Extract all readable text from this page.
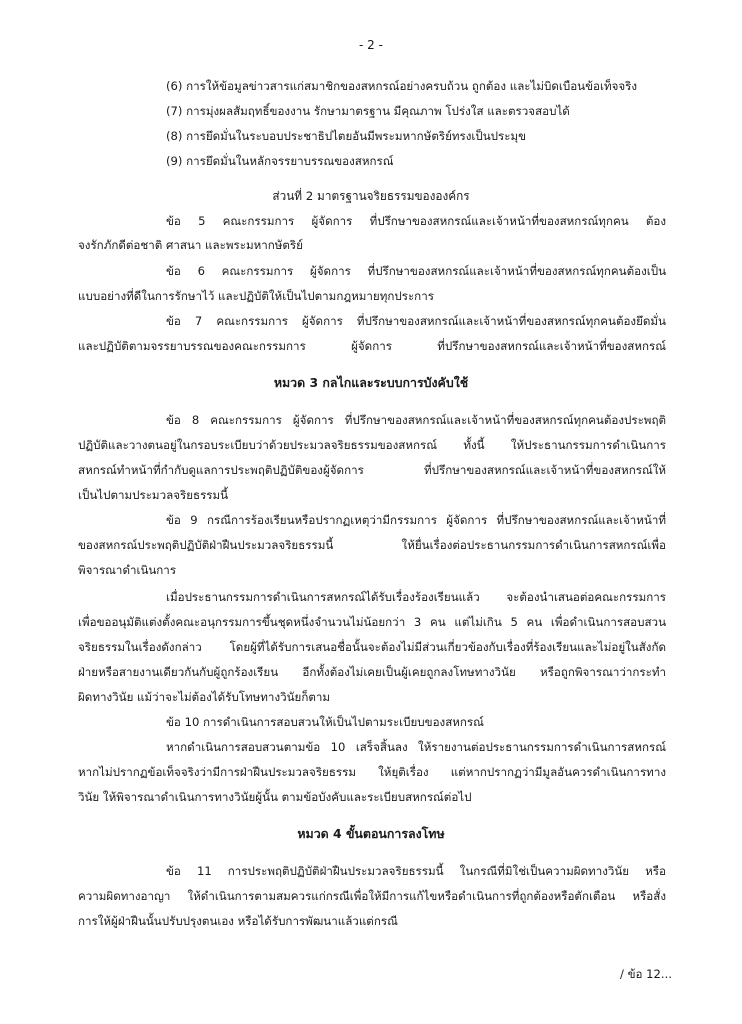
- 2 -
(6) การให้ข้อมูลข่าวสารแก่สมาชิกของสหกรณ์อย่างครบถ้วน ถูกต้อง และไม่บิดเบือนข้อเท็จจริง
(7) การมุ่งผลสัมฤทธิ์ของงาน รักษามาตรฐาน มีคุณภาพ โปร่งใส และตรวจสอบได้
(8) การยึดมั่นในระบอบประชาธิปไตยอันมีพระมหากษัตริย์ทรงเป็นประมุข
(9) การยึดมั่นในหลักจรรยาบรรณของสหกรณ์
ส่วนที่ 2 มาตรฐานจริยธรรมขององค์กร
ข้อ 5 คณะกรรมการ ผู้จัดการ ที่ปรึกษาของสหกรณ์และเจ้าหน้าที่ของสหกรณ์ทุกคน ต้อง
จงรักภักดีต่อชาติ ศาสนา และพระมหากษัตริย์
ข้อ 6 คณะกรรมการ ผู้จัดการ ที่ปรึกษาของสหกรณ์และเจ้าหน้าที่ของสหกรณ์ทุกคนต้องเป็น
แบบอย่างที่ดีในการรักษาไว้ และปฏิบัติให้เป็นไปตามกฎหมายทุกประการ
ข้อ 7 คณะกรรมการ ผู้จัดการ ที่ปรึกษาของสหกรณ์และเจ้าหน้าที่ของสหกรณ์ทุกคนต้องยึดมั่น
และปฏิบัติตามจรรยาบรรณของคณะกรรมการ ผู้จัดการ ที่ปรึกษาของสหกรณ์และเจ้าหน้าที่ของสหกรณ์
หมวด 3 กลไกและระบบการบังคับใช้
ข้อ 8 คณะกรรมการ ผู้จัดการ ที่ปรึกษาของสหกรณ์และเจ้าหน้าที่ของสหกรณ์ทุกคนต้องประพฤติ
ปฏิบัติและวางตนอยู่ในกรอบระเบียบว่าด้วยประมวลจริยธรรมของสหกรณ์ ทั้งนี้ ให้ประธานกรรมการดำเนินการ
สหกรณ์ทำหน้าที่กำกับดูแลการประพฤติปฏิบัติของผู้จัดการ ที่ปรึกษาของสหกรณ์และเจ้าหน้าที่ของสหกรณ์ให้
เป็นไปตามประมวลจริยธรรมนี้
ข้อ 9 กรณีการร้องเรียนหรือปรากฏเหตุว่ามีกรรมการ ผู้จัดการ ที่ปรึกษาของสหกรณ์และเจ้าหน้าที่
ของสหกรณ์ประพฤติปฏิบัติฝ่าฝืนประมวลจริยธรรมนี้ ให้ยื่นเรื่องต่อประธานกรรมการดำเนินการสหกรณ์เพื่อ
พิจารณาดำเนินการ
เมื่อประธานกรรมการดำเนินการสหกรณ์ได้รับเรื่องร้องเรียนแล้ว จะต้องนำเสนอต่อคณะกรรมการ
เพื่อขออนุมัติแต่งตั้งคณะอนุกรรมการขึ้นชุดหนึ่งจำนวนไม่น้อยกว่า 3 คน แต่ไม่เกิน 5 คน เพื่อดำเนินการสอบสวน
จริยธรรมในเรื่องดังกล่าว โดยผู้ที่ได้รับการเสนอชื่อนั้นจะต้องไม่มีส่วนเกี่ยวข้องกับเรื่องที่ร้องเรียนและไม่อยู่ในสังกัด
ฝ่ายหรือสายงานเดียวกันกับผู้ถูกร้องเรียน อีกทั้งต้องไม่เคยเป็นผู้เคยถูกลงโทษทางวินัย หรือถูกพิจารณาว่ากระทำ
ผิดทางวินัย แม้ว่าจะไม่ต้องได้รับโทษทางวินัยก็ตาม
ข้อ 10 การดำเนินการสอบสวนให้เป็นไปตามระเบียบของสหกรณ์
หากดำเนินการสอบสวนตามข้อ 10 เสร็จสิ้นลง ให้รายงานต่อประธานกรรมการดำเนินการสหกรณ์
หากไม่ปรากฏข้อเท็จจริงว่ามีการฝ่าฝืนประมวลจริยธรรม ให้ยุติเรื่อง แต่หากปรากฏว่ามีมูลอันควรดำเนินการทาง
วินัย ให้พิจารณาดำเนินการทางวินัยผู้นั้น ตามข้อบังคับและระเบียบสหกรณ์ต่อไป
หมวด 4 ขั้นตอนการลงโทษ
ข้อ 11 การประพฤติปฏิบัติฝ่าฝืนประมวลจริยธรรมนี้ ในกรณีที่มิใช่เป็นความผิดทางวินัย หรือ
ความผิดทางอาญา ให้ดำเนินการตามสมควรแก่กรณีเพื่อให้มีการแก้ไขหรือดำเนินการที่ถูกต้องหรือตักเตือน หรือสั่ง
การให้ผู้ฝ่าฝืนนั้นปรับปรุงตนเอง หรือได้รับการพัฒนาแล้วแต่กรณี
/ ข้อ 12...
